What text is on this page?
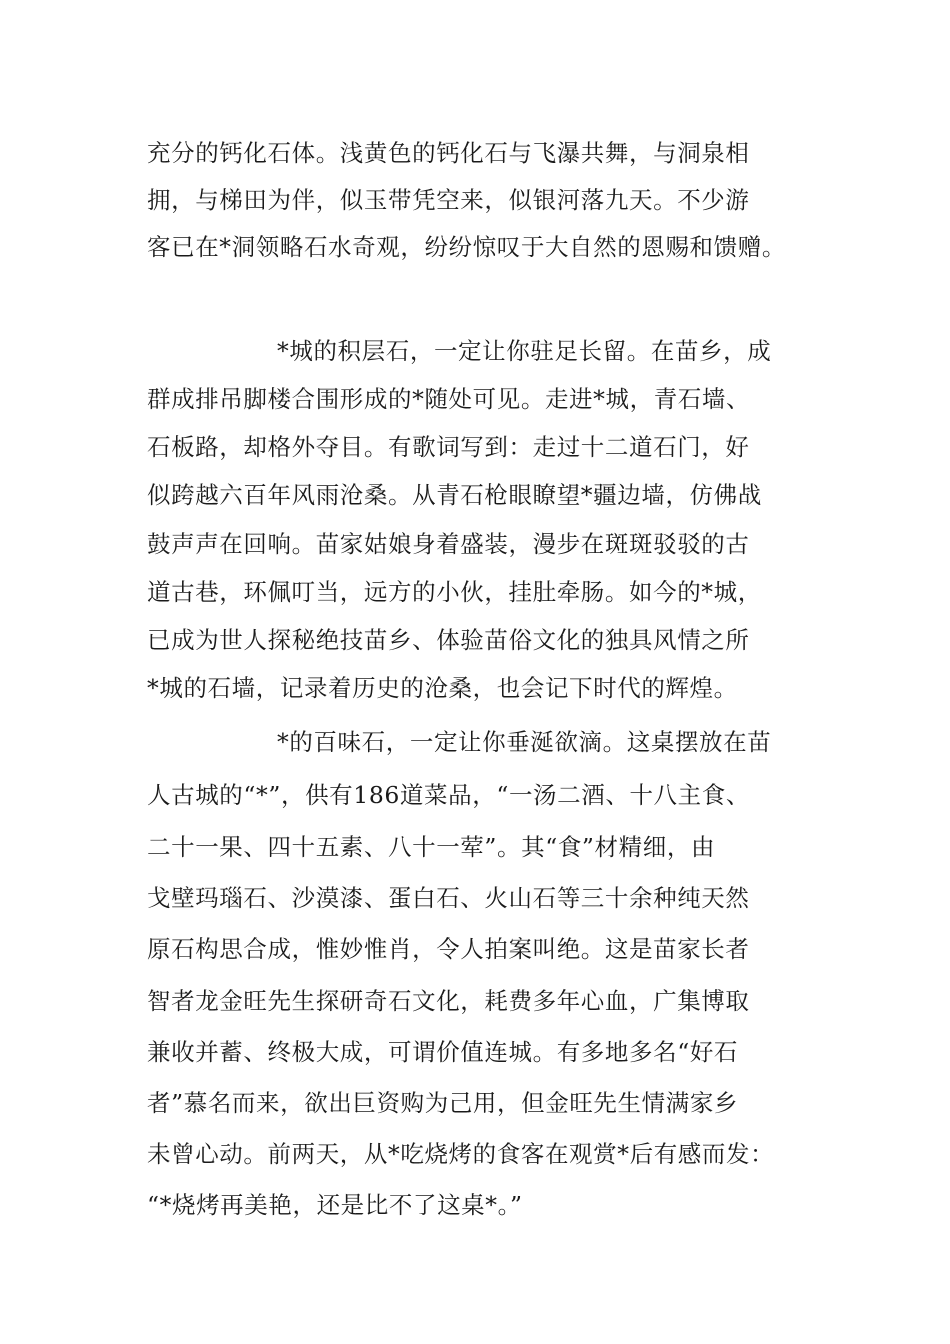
充分的钙化石体。浅黄色的钙化石与飞瀑共舞，与洞泉相
拥，与梯田为伴，似玉带凭空来，似银河落九天。不少游
客已在*洞领略石水奇观，纷纷惊叹于大自然的恩赐和馈赠。
*城的积层石，一定让你驻足长留。在苗乡，成
群成排吊脚楼合围形成的*随处可见。走进*城，青石墙、
石板路，却格外夺目。有歌词写到：走过十二道石门，好
似跨越六百年风雨沧桑。从青石枪眼瞭望*疆边墙，仿佛战
鼓声声在回响。苗家姑娘身着盛装，漫步在斑斑驳驳的古
道古巷，环佩叮当，远方的小伙，挂肚牵肠。如今的*城，
已成为世人探秘绝技苗乡、体验苗俗文化的独具风情之所
*城的石墙，记录着历史的沧桑，也会记下时代的辉煌。
*的百味石，一定让你垂涎欲滴。这桌摆放在苗
人古城的“*”，供有186道菜品，“一汤二酒、十八主食、
二十一果、四十五素、八十一荤”。其“食”材精细，由
戈壁玛瑙石、沙漠漆、蛋白石、火山石等三十余种纯天然
原石构思合成，惟妙惟肖，令人拍案叫绝。这是苗家长者
智者龙金旺先生探研奇石文化，耗费多年心血，广集博取
兼收并蓄、终极大成，可谓价值连城。有多地多名“好石
者”慕名而来，欲出巨资购为己用，但金旺先生情满家乡
未曾心动。前两天，从*吃烧烤的食客在观赏*后有感而发：
“*烧烤再美艳，还是比不了这桌*。”
